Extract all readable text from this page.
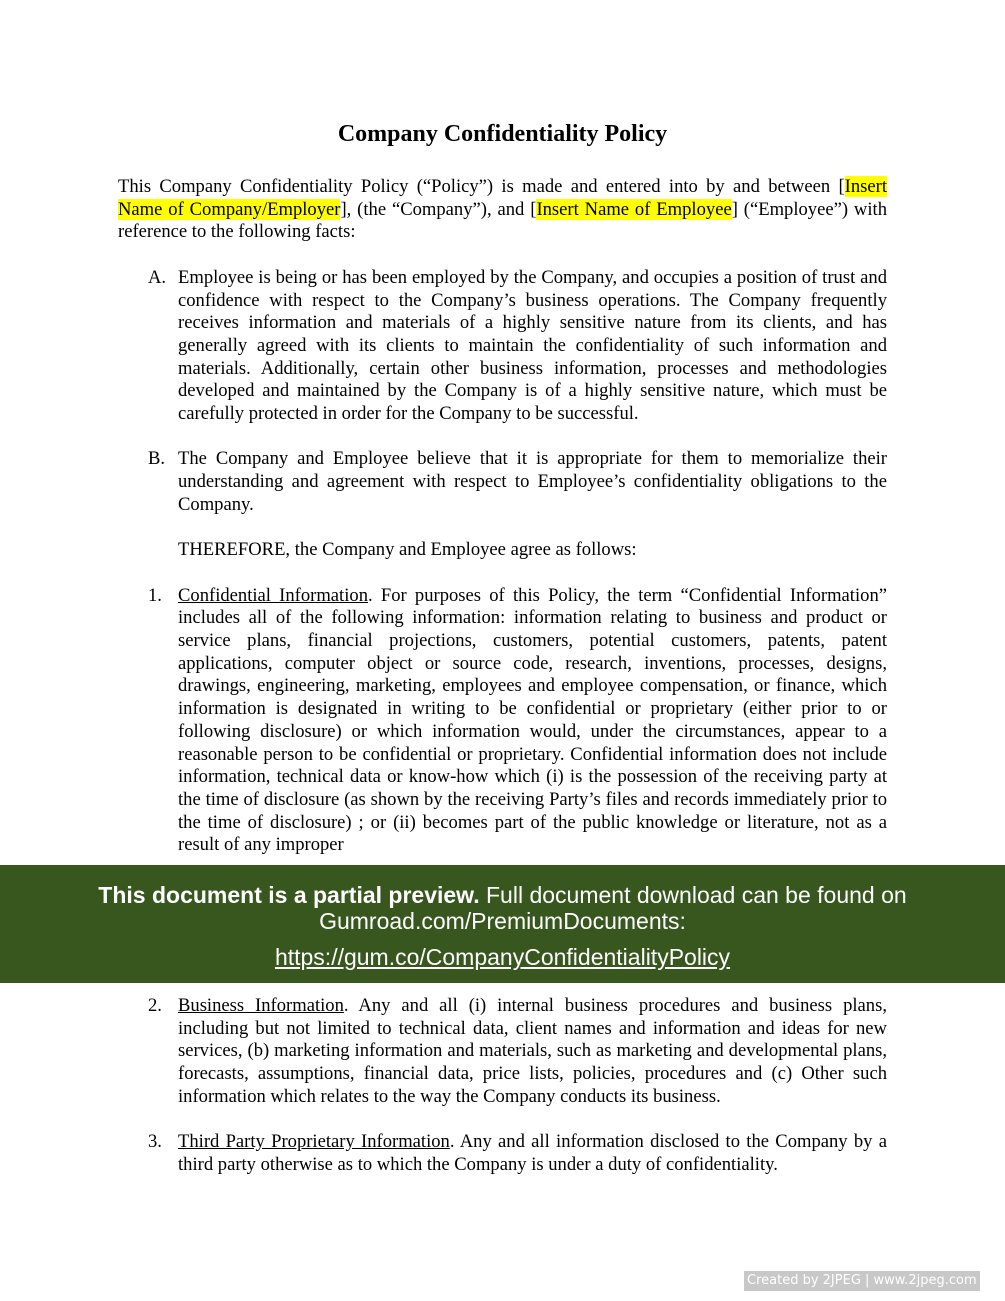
Company Confidentiality Policy

This Company Confidentiality Policy (“Policy”) is made and entered into by and between [Insert Name of Company/Employer], (the “Company”), and [Insert Name of Employee] (“Employee”) with reference to the following facts:

A. Employee is being or has been employed by the Company, and occupies a position of trust and confidence with respect to the Company’s business operations. The Company frequently receives information and materials of a highly sensitive nature from its clients, and has generally agreed with its clients to maintain the confidentiality of such information and materials. Additionally, certain other business information, processes and methodologies developed and maintained by the Company is of a highly sensitive nature, which must be carefully protected in order for the Company to be successful.
B. The Company and Employee believe that it is appropriate for them to memorialize their understanding and agreement with respect to Employee’s confidentiality obligations to the Company.

THEREFORE, the Company and Employee agree as follows:

1. Confidential Information. For purposes of this Policy, the term “Confidential Information” includes all of the following information: information relating to business and product or service plans, financial projections, customers, potential customers, patents, patent applications, computer object or source code, research, inventions, processes, designs, drawings, engineering, marketing, employees and employee compensation, or finance, which information is designated in writing to be confidential or proprietary (either prior to or following disclosure) or which information would, under the circumstances, appear to a reasonable person to be confidential or proprietary. Confidential information does not include information, technical data or know-how which (i) is the possession of the receiving party at the time of disclosure (as shown by the receiving Party’s files and records immediately prior to the time of disclosure) ; or (ii) becomes part of the public knowledge or literature, not as a result of any improper
This document is a partial preview. Full document download can be found on
Gumroad.com/PremiumDocuments:
https://gum.co/CompanyConfidentialityPolicy
2. Business Information. Any and all (i) internal business procedures and business plans, including but not limited to technical data, client names and information and ideas for new services, (b) marketing information and materials, such as marketing and developmental plans, forecasts, assumptions, financial data, price lists, policies, procedures and (c) Other such information which relates to the way the Company conducts its business.
3. Third Party Proprietary Information. Any and all information disclosed to the Company by a third party otherwise as to which the Company is under a duty of confidentiality.
Created by 2JPEG | www.2jpeg.com
